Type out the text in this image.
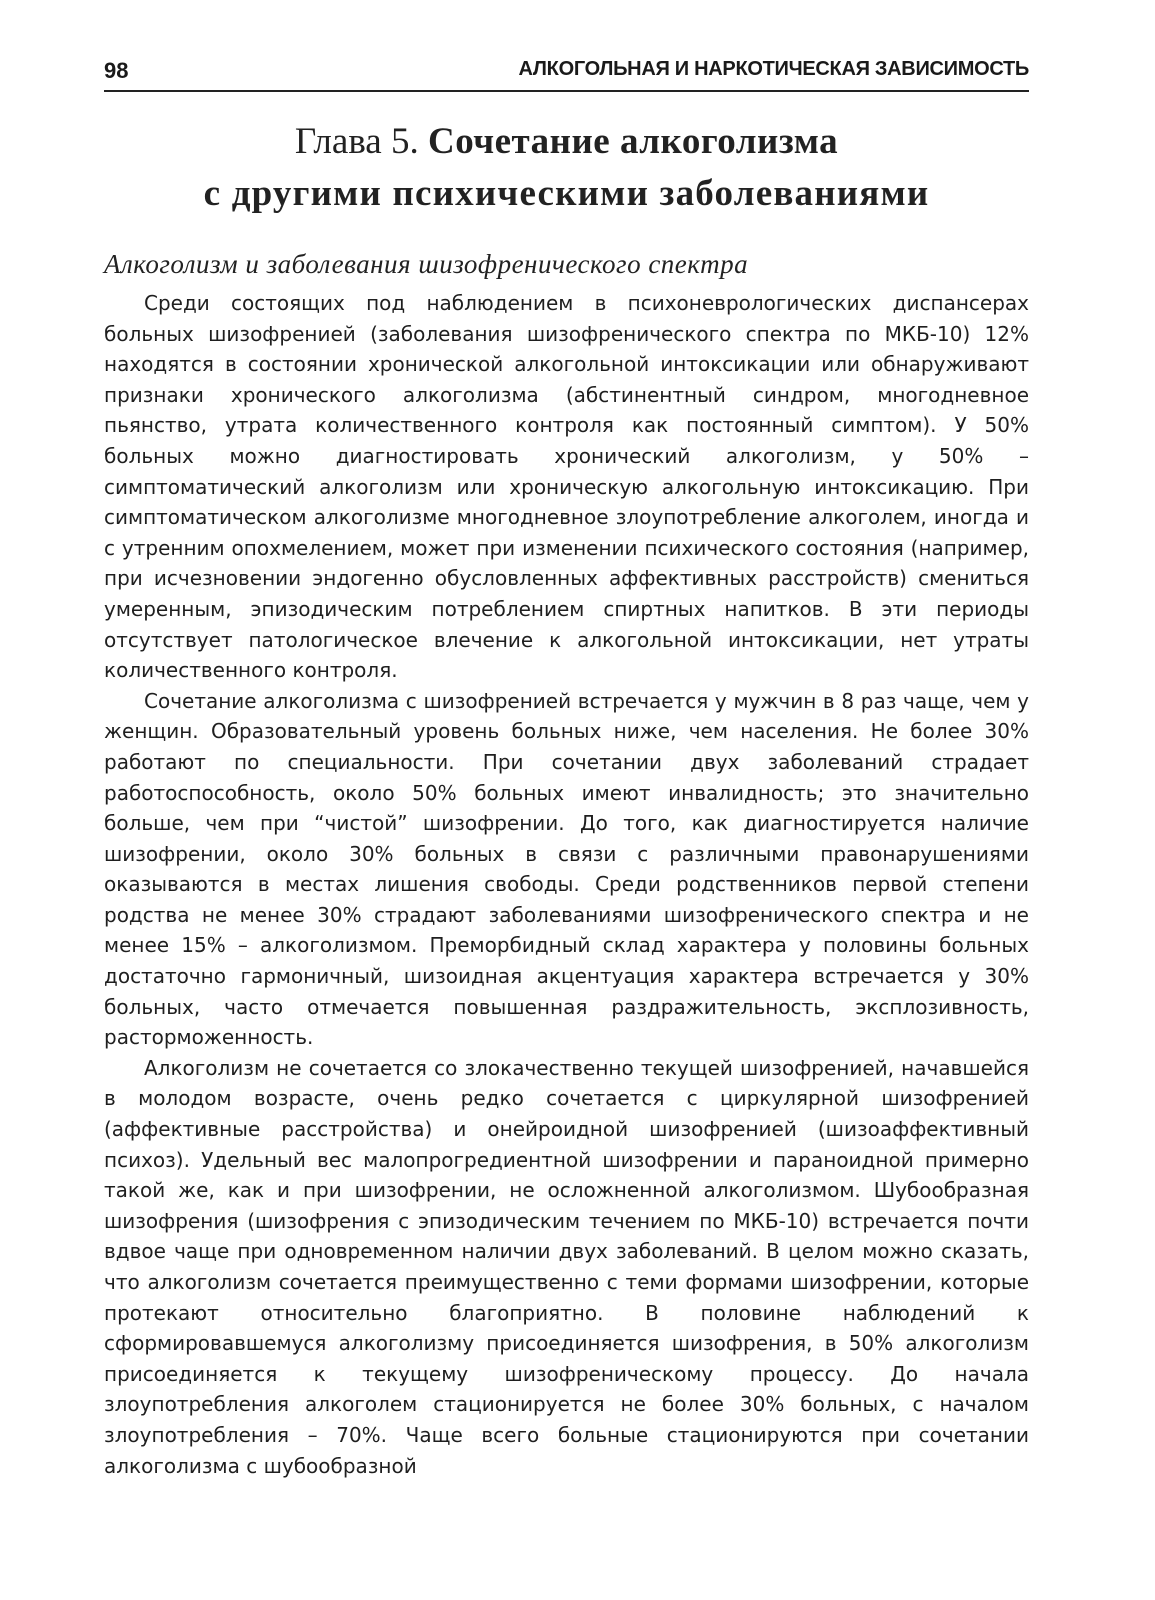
98	АЛКОГОЛЬНАЯ И НАРКОТИЧЕСКАЯ ЗАВИСИМОСТЬ
Глава 5. Сочетание алкоголизма
с другими психическими заболеваниями
Алкоголизм и заболевания шизофренического спектра

Среди состоящих под наблюдением в психоневрологических диспансерах больных шизофренией (заболевания шизофренического спектра по МКБ-10) 12% находятся в состоянии хронической алкогольной интоксикации или обнаруживают признаки хронического алкоголизма (абстинентный синдром, многодневное пьянство, утрата количественного контроля как постоянный симптом). У 50% больных можно диагностировать хронический алкоголизм, у 50% – симптоматический алкоголизм или хроническую алкогольную интоксикацию. При симптоматическом алкоголизме многодневное злоупотребление алкоголем, иногда и с утренним опохмелением, может при изменении психического состояния (например, при исчезновении эндогенно обусловленных аффективных расстройств) смениться умеренным, эпизодическим потреблением спиртных напитков. В эти периоды отсутствует патологическое влечение к алкогольной интоксикации, нет утраты количественного контроля.

Сочетание алкоголизма с шизофренией встречается у мужчин в 8 раз чаще, чем у женщин. Образовательный уровень больных ниже, чем населения. Не более 30% работают по специальности. При сочетании двух заболеваний страдает работоспособность, около 50% больных имеют инвалидность; это значительно больше, чем при “чистой” шизофрении. До того, как диагностируется наличие шизофрении, около 30% больных в связи с различными правонарушениями оказываются в местах лишения свободы. Среди родственников первой степени родства не менее 30% страдают заболеваниями шизофренического спектра и не менее 15% – алкоголизмом. Преморбидный склад характера у половины больных достаточно гармоничный, шизоидная акцентуация характера встречается у 30% больных, часто отмечается повышенная раздражительность, эксплозивность, расторможенность.

Алкоголизм не сочетается со злокачественно текущей шизофренией, начавшейся в молодом возрасте, очень редко сочетается с циркулярной шизофренией (аффективные расстройства) и онейроидной шизофренией (шизоаффективный психоз). Удельный вес малопрогредиентной шизофрении и параноидной примерно такой же, как и при шизофрении, не осложненной алкоголизмом. Шубообразная шизофрения (шизофрения с эпизодическим течением по МКБ-10) встречается почти вдвое чаще при одновременном наличии двух заболеваний. В целом можно сказать, что алкоголизм сочетается преимущественно с теми формами шизофрении, которые протекают относительно благоприятно. В половине наблюдений к сформировавшемуся алкоголизму присоединяется шизофрения, в 50% алкоголизм присоединяется к текущему шизофреническому процессу. До начала злоупотребления алкоголем стационируется не более 30% больных, с началом злоупотребления – 70%. Чаще всего больные стационируются при сочетании алкоголизма с шубообразной
